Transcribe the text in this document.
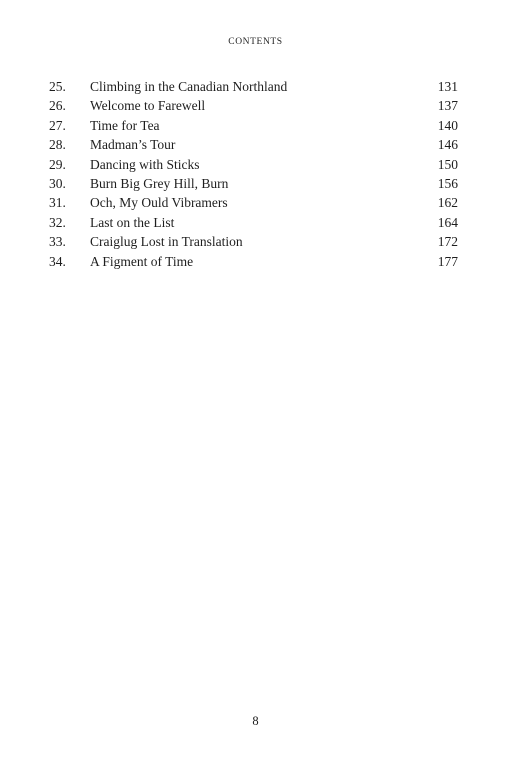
CONTENTS
25. Climbing in the Canadian Northland	131
26. Welcome to Farewell	137
27. Time for Tea	140
28. Madman’s Tour	146
29. Dancing with Sticks	150
30. Burn Big Grey Hill, Burn	156
31. Och, My Ould Vibramers	162
32. Last on the List	164
33. Craiglug Lost in Translation	172
34. A Figment of Time	177
8
